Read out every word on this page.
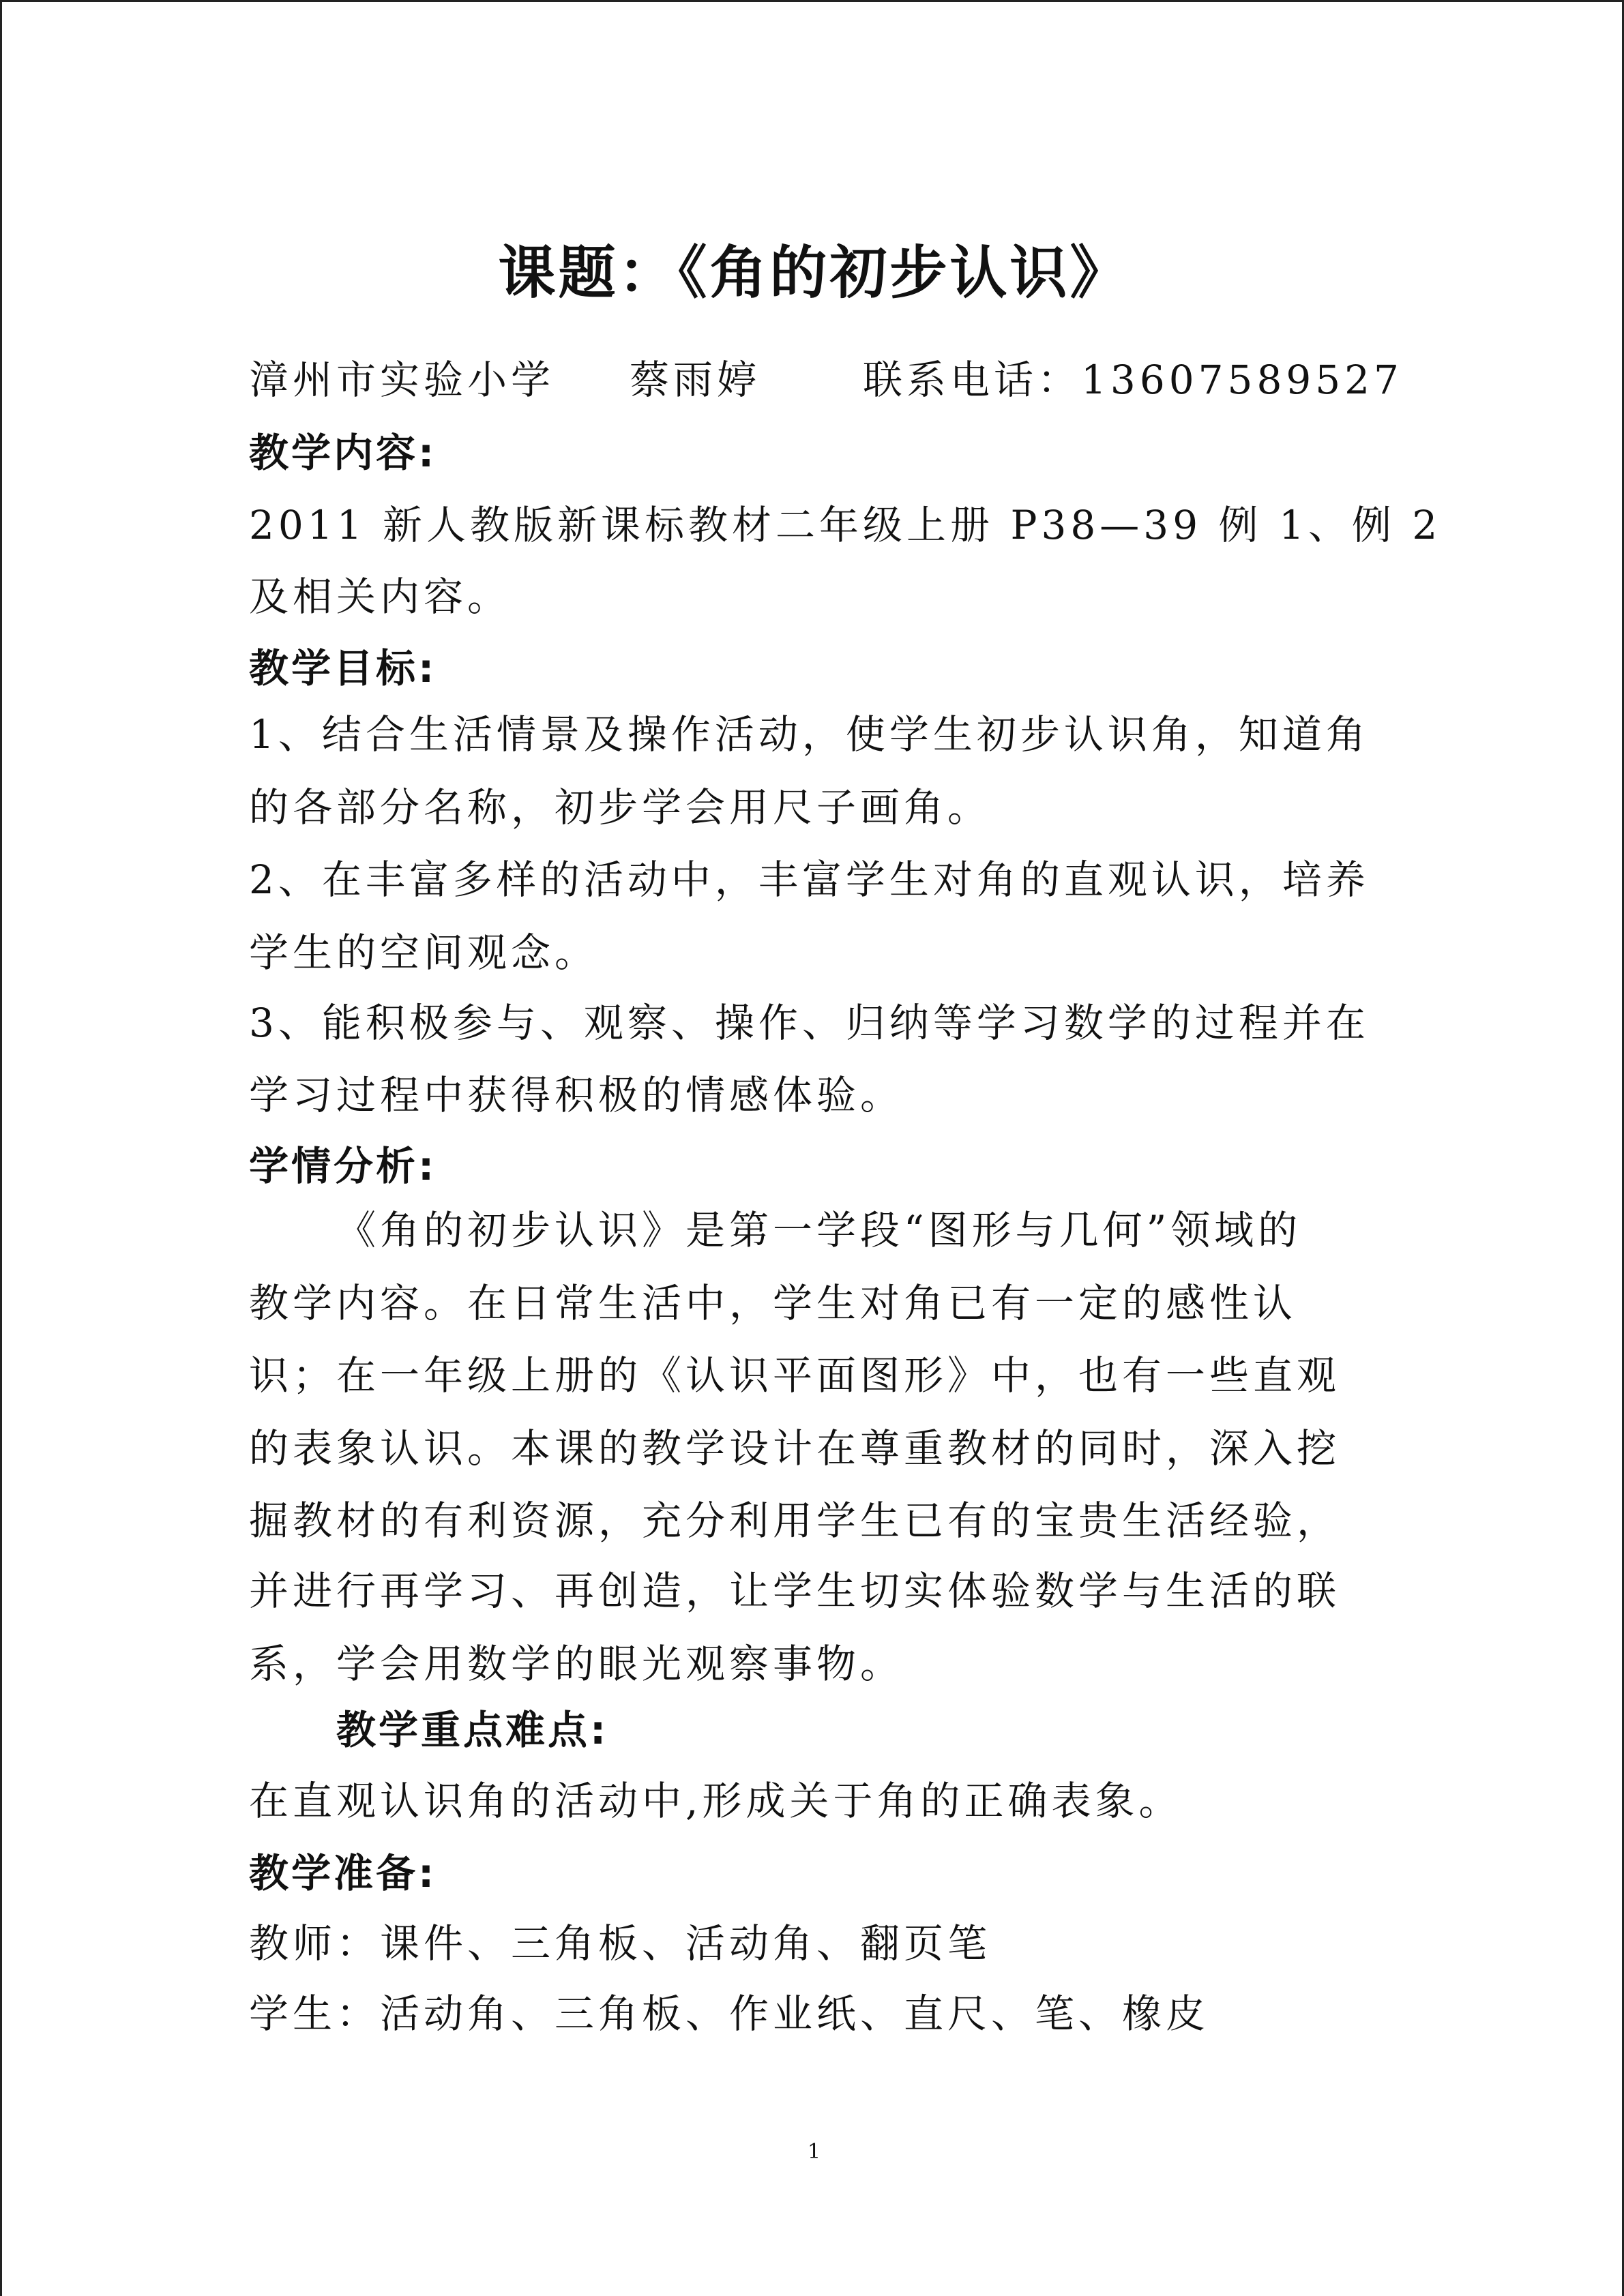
课题：《角的初步认识》
漳州市实验小学 蔡雨婷	联系电话：13607589527
教学内容:
2011 新人教版新课标教材二年级上册 P38—39 例 1、例 2
及相关内容。
教学目标:
1、结合生活情景及操作活动，使学生初步认识角，知道角
的各部分名称，初步学会用尺子画角。
2、在丰富多样的活动中，丰富学生对角的直观认识，培养
学生的空间观念。
3、能积极参与、观察、操作、归纳等学习数学的过程并在
学习过程中获得积极的情感体验。
学情分析:
《角的初步认识》是第一学段“图形与几何”领域的
教学内容。在日常生活中，学生对角已有一定的感性认
识；在一年级上册的《认识平面图形》中，也有一些直观
的表象认识。本课的教学设计在尊重教材的同时，深入挖
掘教材的有利资源，充分利用学生已有的宝贵生活经验，
并进行再学习、再创造，让学生切实体验数学与生活的联
系，学会用数学的眼光观察事物。
教学重点难点:
在直观认识角的活动中,形成关于角的正确表象。
教学准备:
教师：课件、三角板、活动角、翻页笔
学生：活动角、三角板、作业纸、直尺、笔、橡皮
1
